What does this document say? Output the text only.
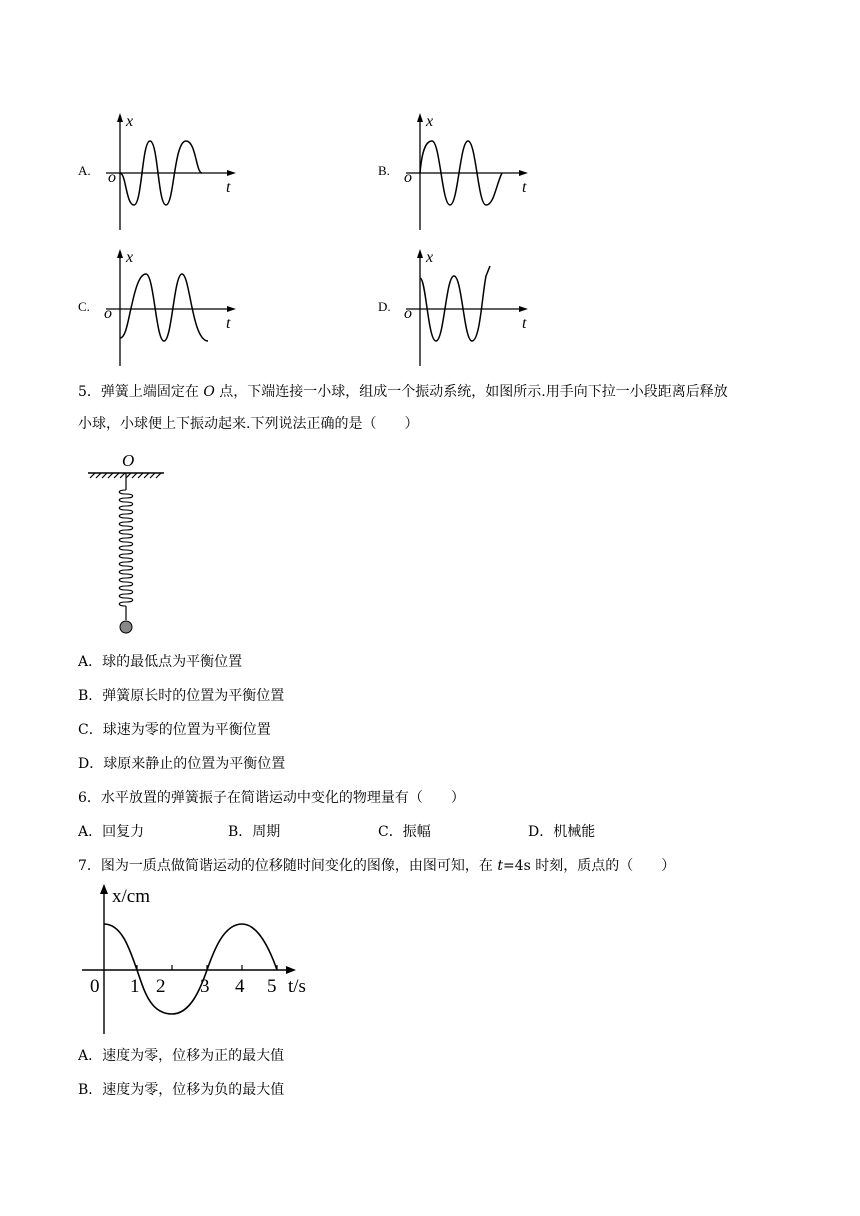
A.
x
o
t
B.
x
o
t
C.
x
o
t
D.
x
o
t
5．弹簧上端固定在 O 点，下端连接一小球，组成一个振动系统，如图所示.用手向下拉一小段距离后释放
小球，小球便上下振动起来.下列说法正确的是（　　）
O
A．球的最低点为平衡位置
B．弹簧原长时的位置为平衡位置
C．球速为零的位置为平衡位置
D．球原来静止的位置为平衡位置
6．水平放置的弹簧振子在简谐运动中变化的物理量有（　　）
A．回复力	B．周期	C．振幅	D．机械能
7．图为一质点做简谐运动的位移随时间变化的图像，由图可知，在 t=4s 时刻，质点的（　　）
x/cm
t/s
0 1 2 3 4 5
A．速度为零，位移为正的最大值
B．速度为零，位移为负的最大值
